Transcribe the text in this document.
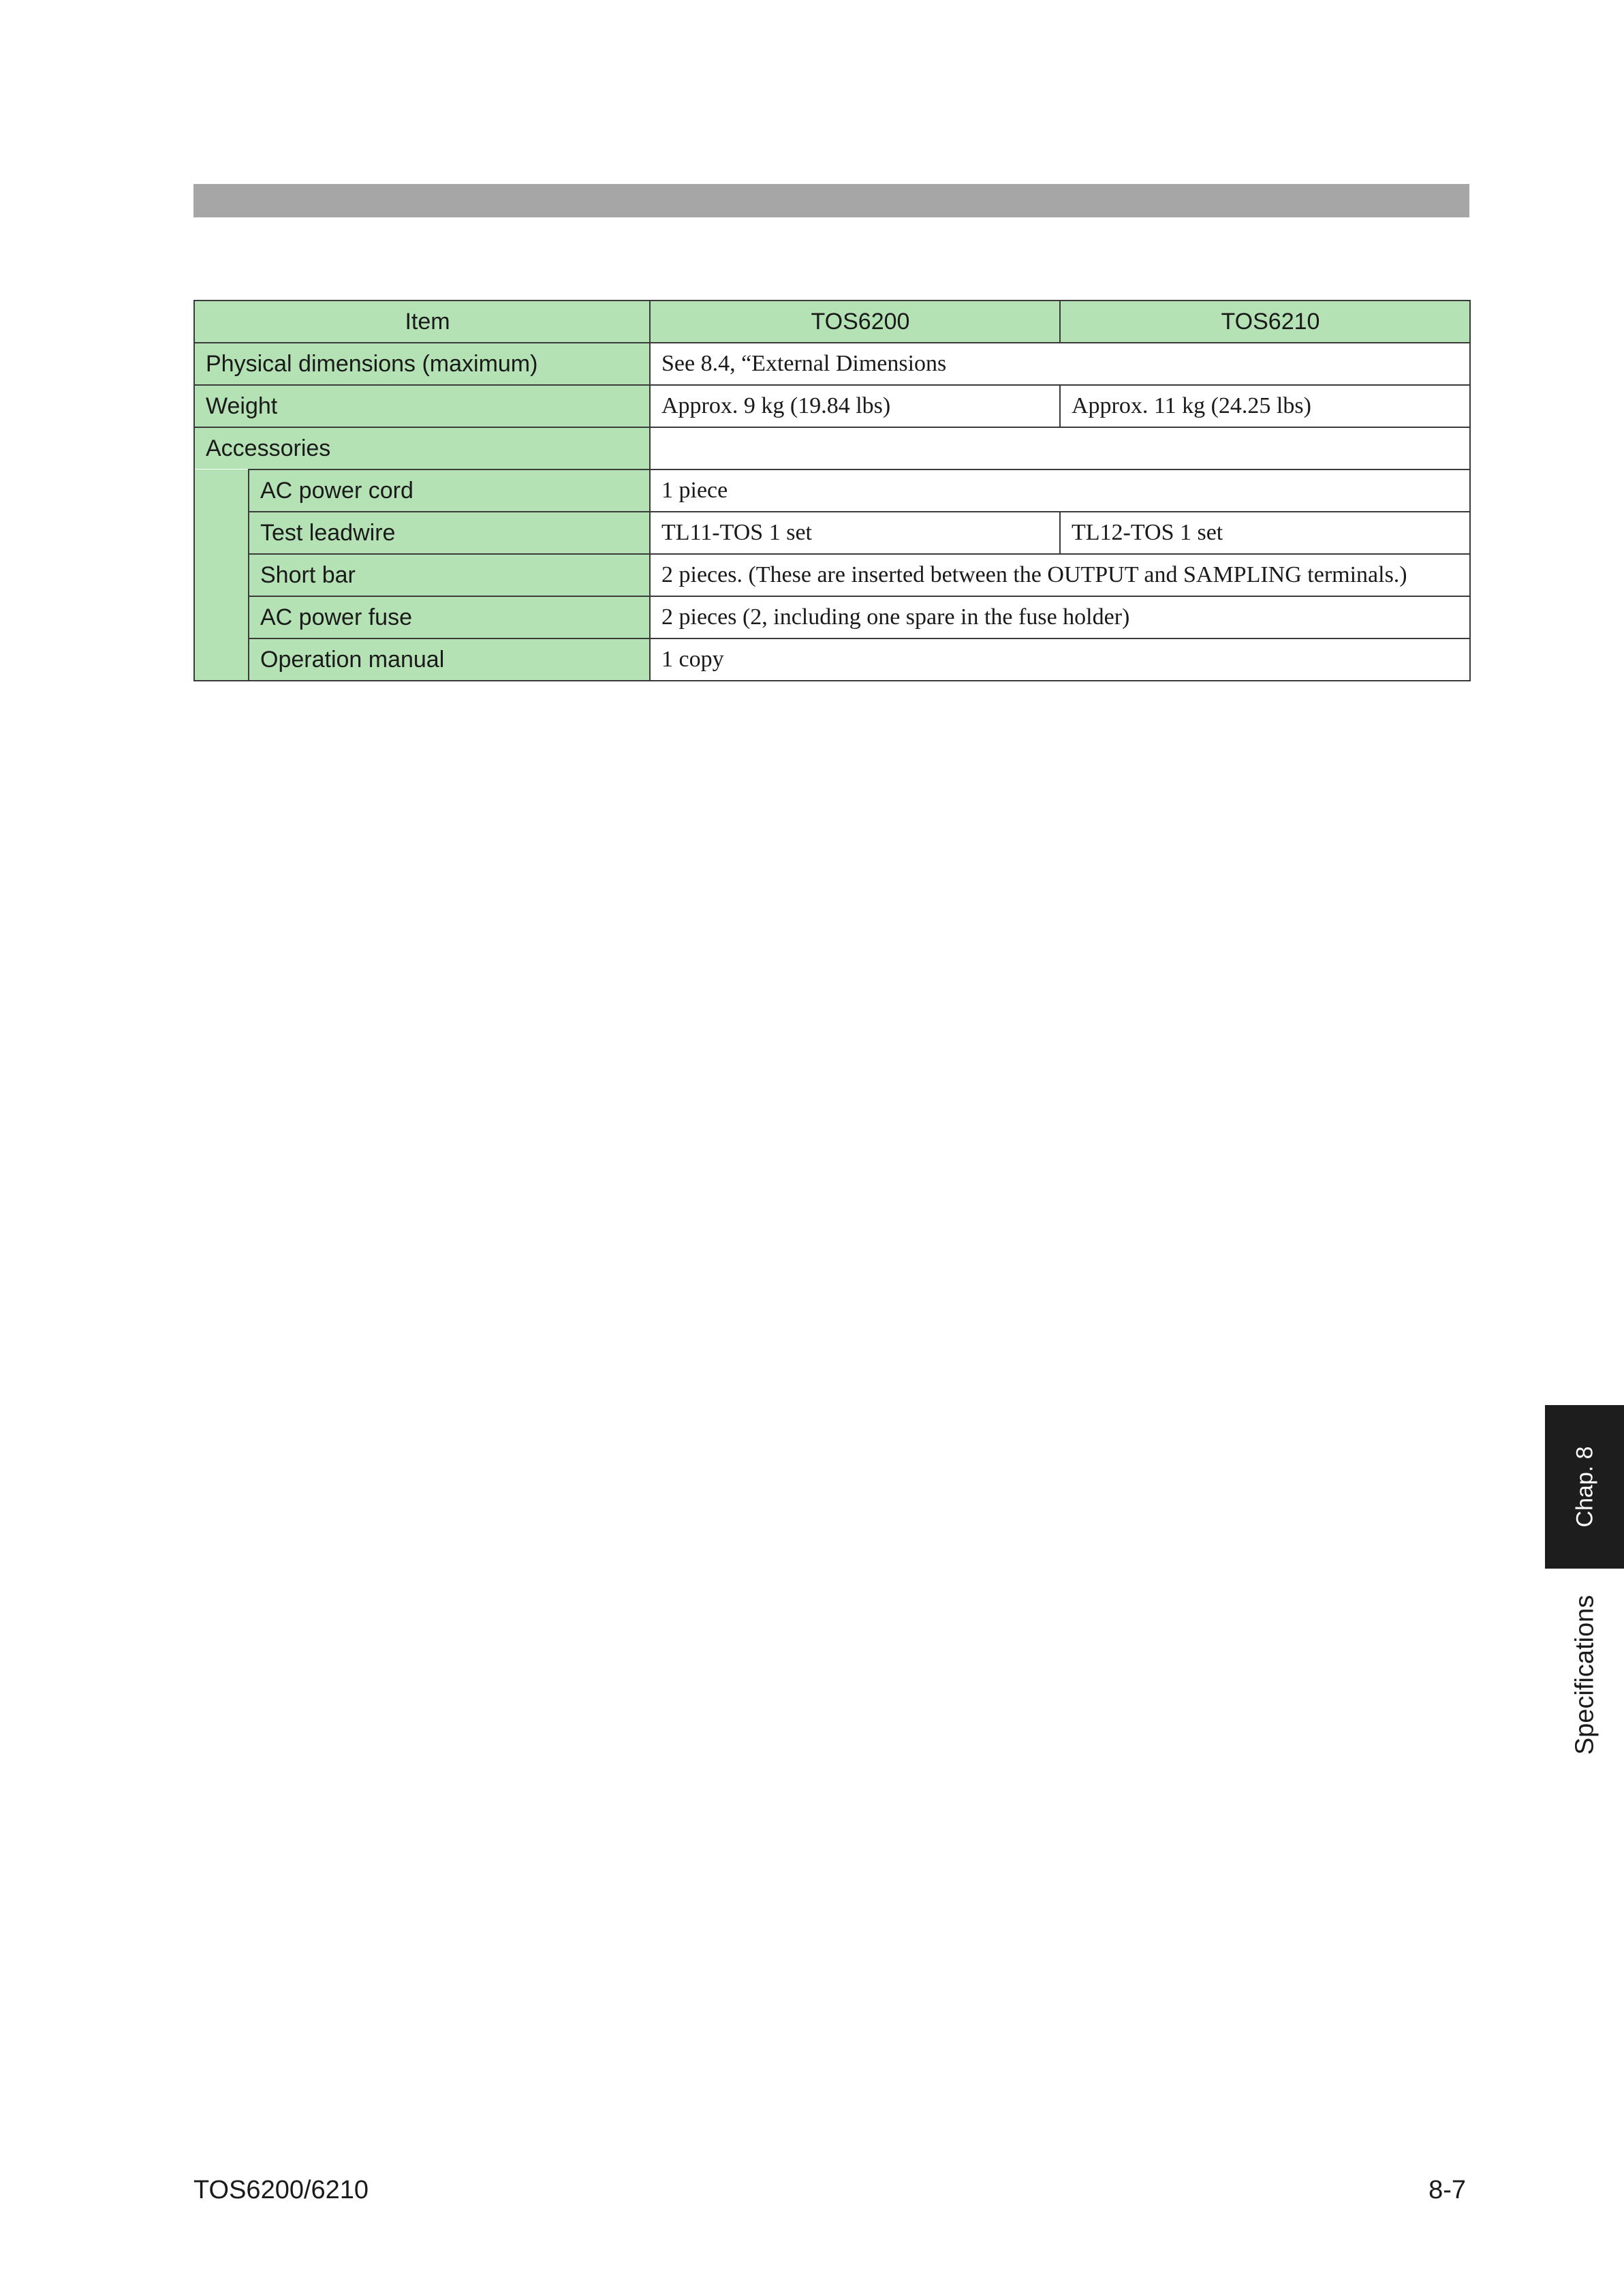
Item		TOS6200	TOS6210
Physical dimensions (maximum)		See 8.4, “External Dimensions	
Weight		Approx. 9 kg (19.84 lbs)	Approx. 11 kg (24.25 lbs)
Accessories			
	AC power cord	1 piece	
	Test leadwire	TL11-TOS 1 set	TL12-TOS 1 set
	Short bar	2 pieces. (These are inserted between the OUTPUT and SAMPLING terminals.)	
	AC power fuse	2 pieces (2, including one spare in the fuse holder)	
	Operation manual	1 copy	
Chap. 8
Specifications
TOS6200/6210	8-7
